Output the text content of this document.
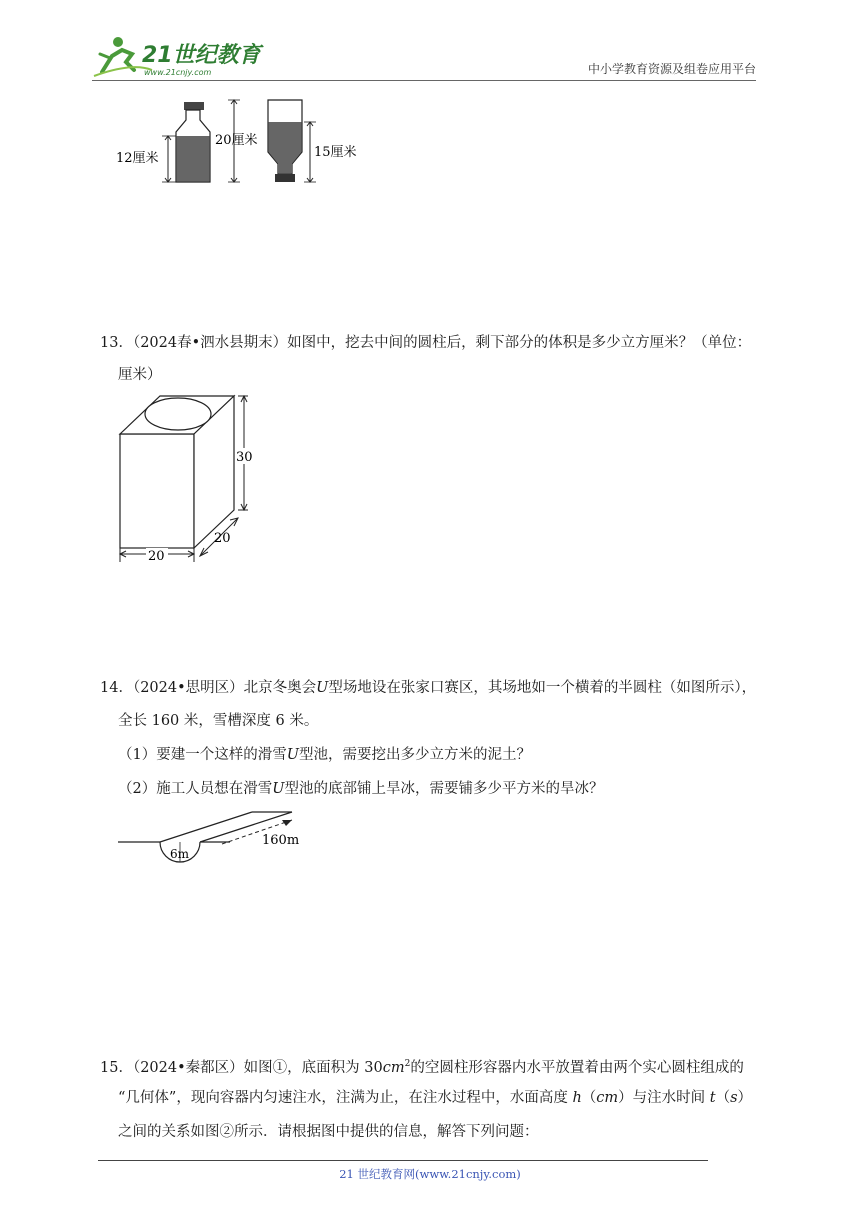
21世纪教育
www.21cnjy.com	中小学教育资源及组卷应用平台
12厘米
20厘米
15厘米
13．（2024春•泗水县期末）如图中，挖去中间的圆柱后，剩下部分的体积是多少立方厘米？（单位：
厘米）
30
20
20
14．（2024•思明区）北京冬奥会U型场地设在张家口赛区，其场地如一个横着的半圆柱（如图所示），
全长 160 米，雪槽深度 6 米。
（1）要建一个这样的滑雪U型池，需要挖出多少立方米的泥土？
（2）施工人员想在滑雪U型池的底部铺上旱冰，需要铺多少平方米的旱冰？
6m
160m
15．（2024•秦都区）如图①，底面积为 $30cm^2$的空圆柱形容器内水平放置着由两个实心圆柱组成的
“几何体”，现向容器内匀速注水，注满为止，在注水过程中，水面高度 h（cm）与注水时间 t（s）
之间的关系如图②所示．请根据图中提供的信息，解答下列问题：
21 世纪教育网(www.21cnjy.com)
